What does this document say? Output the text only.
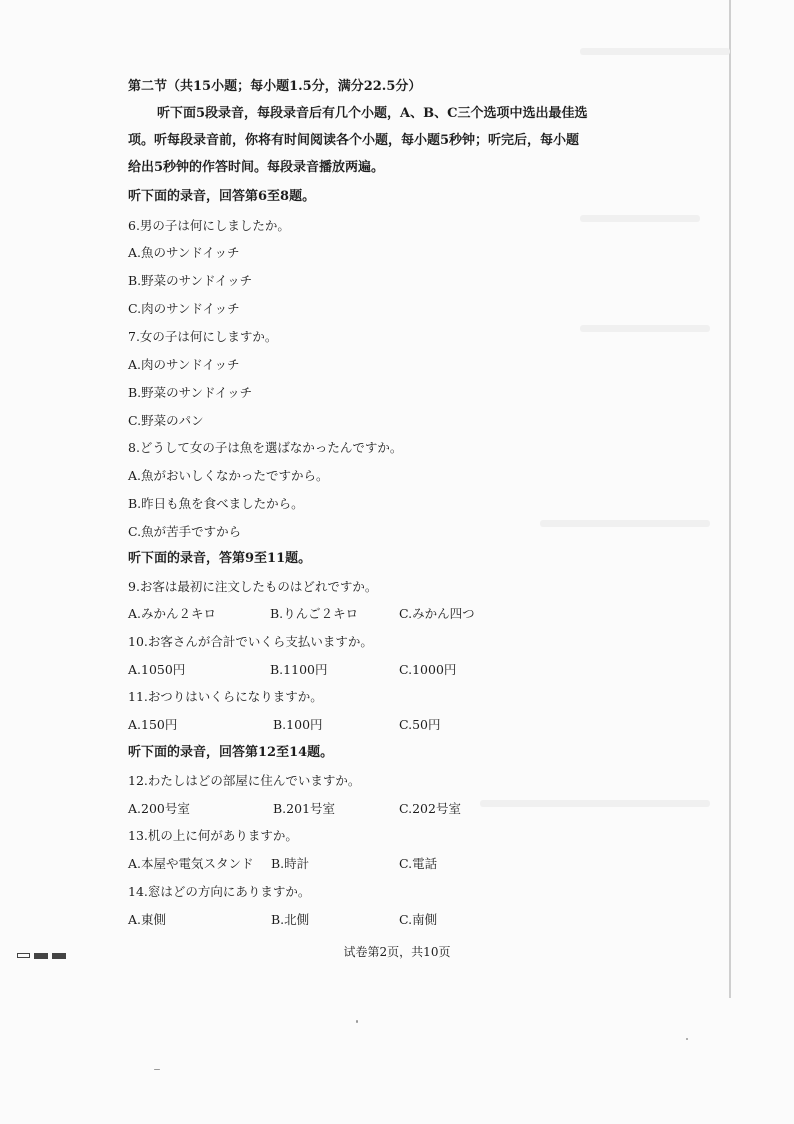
第二节（共15小题；每小题1.5分，满分22.5分）
听下面5段录音，每段录音后有几个小题，A、B、C三个选项中选出最佳选
项。听每段录音前，你将有时间阅读各个小题，每小题5秒钟；听完后，每小题
给出5秒钟的作答时间。每段录音播放两遍。
听下面的录音，回答第6至8题。
6.男の子は何にしましたか。
A.魚のサンドイッチ
B.野菜のサンドイッチ
C.肉のサンドイッチ
7.女の子は何にしますか。
A.肉のサンドイッチ
B.野菜のサンドイッチ
C.野菜のパン
8.どうして女の子は魚を選ばなかったんですか。
A.魚がおいしくなかったですから。
B.昨日も魚を食べましたから。
C.魚が苦手ですから
听下面的录音，答第9至11题。
9.お客は最初に注文したものはどれですか。
A.みかん２キロ	B.りんご２キロ	C.みかん四つ
10.お客さんが合計でいくら支払いますか。
A.1050円	B.1100円	C.1000円
11.おつりはいくらになりますか。
A.150円	B.100円	C.50円
听下面的录音，回答第12至14题。
12.わたしはどの部屋に住んでいますか。
A.200号室	B.201号室	C.202号室
13.机の上に何がありますか。
A.本屋や電気スタンド B.時計	C.電話
14.窓はどの方向にありますか。
A.東側	B.北側	C.南側
试卷第2页，共10页
